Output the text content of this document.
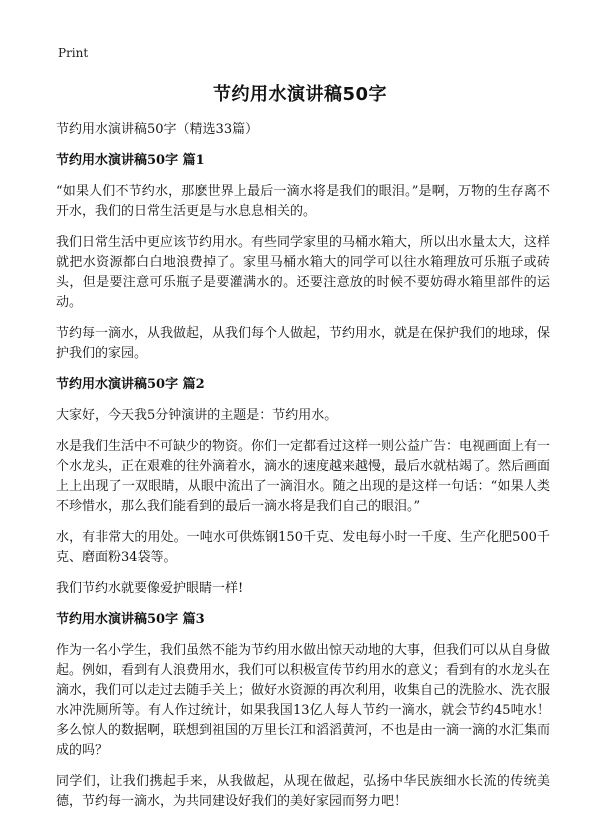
Print
节约用水演讲稿50字

节约用水演讲稿50字（精选33篇）

节约用水演讲稿50字 篇1

“如果人们不节约水，那麽世界上最后一滴水将是我们的眼泪。”是啊，万物的生存离不开水，我们的日常生活更是与水息息相关的。

我们日常生活中更应该节约用水。有些同学家里的马桶水箱大，所以出水量太大，这样就把水资源都白白地浪费掉了。家里马桶水箱大的同学可以往水箱理放可乐瓶子或砖头，但是要注意可乐瓶子是要灌满水的。还要注意放的时候不要妨碍水箱里部件的运动。

节约每一滴水，从我做起，从我们每个人做起，节约用水，就是在保护我们的地球，保护我们的家园。

节约用水演讲稿50字 篇2

大家好，今天我5分钟演讲的主题是：节约用水。

水是我们生活中不可缺少的物资。你们一定都看过这样一则公益广告：电视画面上有一个水龙头，正在艰难的往外滴着水，滴水的速度越来越慢，最后水就枯竭了。然后画面上上出现了一双眼睛，从眼中流出了一滴泪水。随之出现的是这样一句话：“如果人类不珍惜水，那么我们能看到的最后一滴水将是我们自己的眼泪。”

水，有非常大的用处。一吨水可供炼钢150千克、发电每小时一千度、生产化肥500千克、磨面粉34袋等。

我们节约水就要像爱护眼睛一样!

节约用水演讲稿50字 篇3

作为一名小学生，我们虽然不能为节约用水做出惊天动地的大事，但我们可以从自身做起。例如，看到有人浪费用水，我们可以积极宣传节约用水的意义；看到有的水龙头在滴水，我们可以走过去随手关上；做好水资源的再次利用，收集自己的洗脸水、洗衣服水冲洗厕所等。有人作过统计，如果我国13亿人每人节约一滴水，就会节约45吨水！多么惊人的数据啊，联想到祖国的万里长江和滔滔黄河，不也是由一滴一滴的水汇集而成的吗？

同学们，让我们携起手来，从我做起，从现在做起，弘扬中华民族细水长流的传统美德，节约每一滴水，为共同建设好我们的美好家园而努力吧！
